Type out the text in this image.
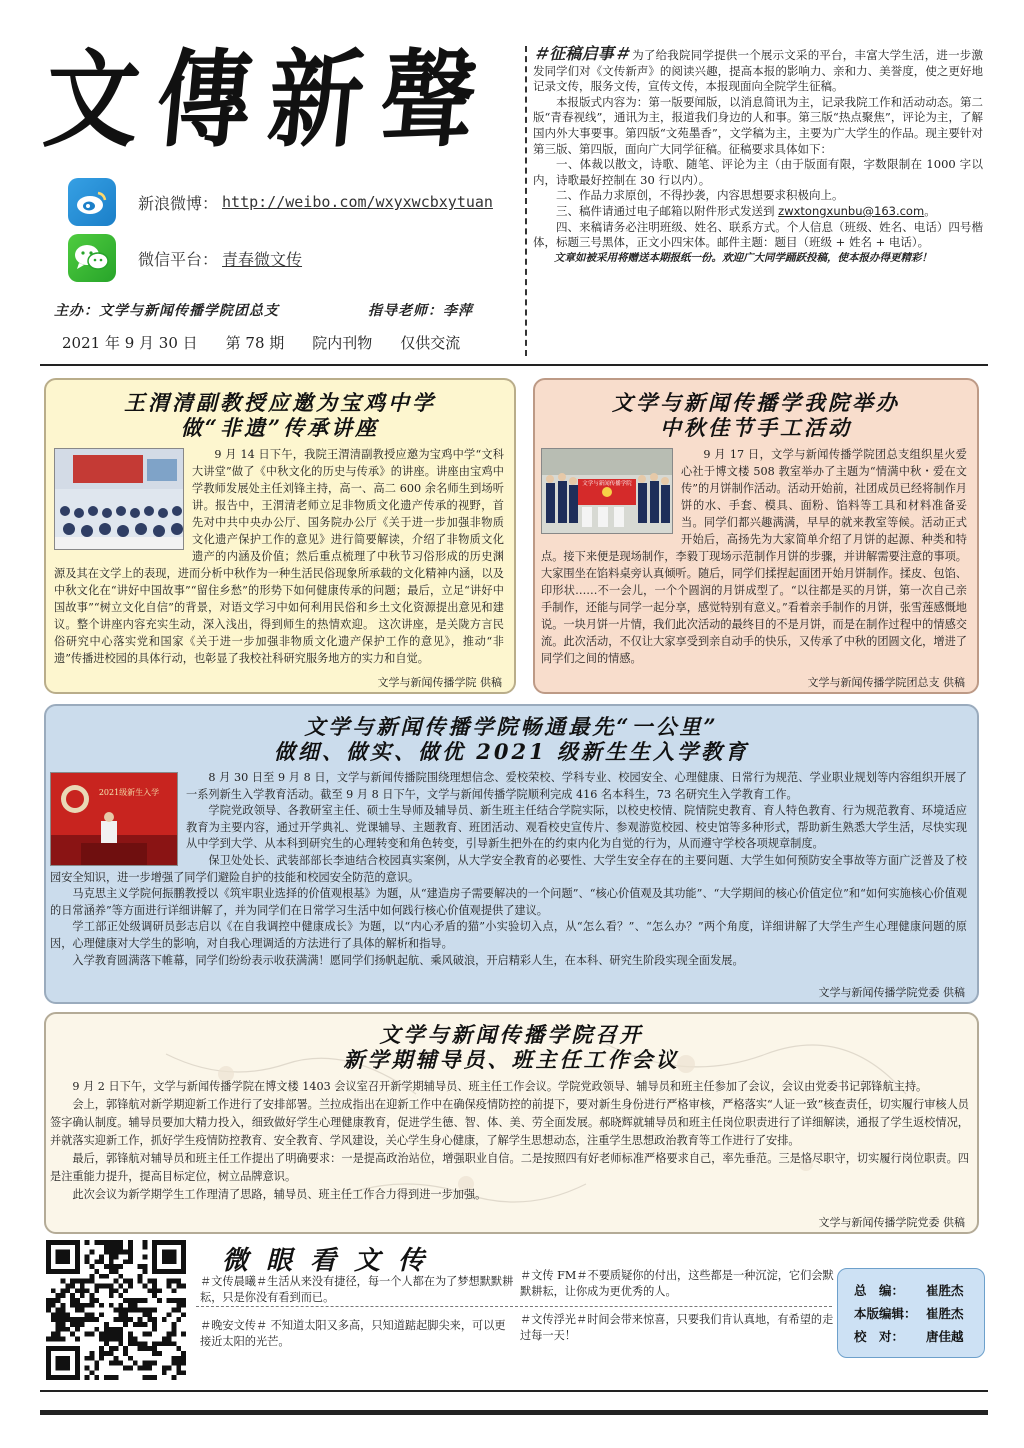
文傳新聲
新浪微博： http://weibo.com/wxyxwcbxytuan
微信平台： 青春微文传
主办：文学与新闻传播学院团总支	指导老师：李萍
2021 年 9 月 30 日 第 78 期 院内刊物 仅供交流

＃征稿启事＃ 为了给我院同学提供一个展示文采的平台，丰富大学生活，进一步激发同学们对《文传新声》的阅读兴趣，提高本报的影响力、亲和力、美誉度，使之更好地记录文传，服务文传，宣传文传，本报现面向全院学生征稿。

本报版式内容为：第一版要闻版，以消息简讯为主，记录我院工作和活动动态。第二版“青春视线”，通讯为主，报道我们身边的人和事。第三版“热点聚焦”，评论为主，了解国内外大事要事。第四版“文苑墨香”，文学稿为主，主要为广大学生的作品。现主要针对第三版、第四版，面向广大同学征稿。征稿要求具体如下：

一、体裁以散文，诗歌、随笔、评论为主（由于版面有限，字数限制在 1000 字以内，诗歌最好控制在 30 行以内）。

二、作品力求原创，不得抄袭，内容思想要求积极向上。

三、稿件请通过电子邮箱以附件形式发送到 zwxtongxunbu@163.com。

四、来稿请务必注明班级、姓名、联系方式。个人信息（班级、姓名、电话）四号楷体，标题三号黑体，正文小四宋体。邮件主题：题目（班级 + 姓名 + 电话）。

文章如被采用将赠送本期报纸一份。欢迎广大同学踊跃投稿，使本报办得更精彩！

王渭清副教授应邀为宝鸡中学
做“非遗”传承讲座

9 月 14 日下午，我院王渭清副教授应邀为宝鸡中学“文科大讲堂”做了《中秋文化的历史与传承》的讲座。讲座由宝鸡中学教师发展处主任刘锋主持，高一、高二 600 余名师生到场听讲。报告中，王渭清老师立足非物质文化遗产传承的视野，首先对中共中央办公厅、国务院办公厅《关于进一步加强非物质文化遗产保护工作的意见》进行简要解读，介绍了非物质文化遗产的内涵及价值；然后重点梳理了中秋节习俗形成的历史渊源及其在文学上的表现，进而分析中秋作为一种生活民俗现象所承载的文化精神内涵，以及中秋文化在“讲好中国故事”“留住乡愁”的形势下如何健康传承的问题；最后，立足“讲好中国故事”“树立文化自信”的背景，对语文学习中如何利用民俗和乡土文化资源提出意见和建议。整个讲座内容充实生动，深入浅出，得到师生的热情欢迎。 这次讲座，是关陇方言民俗研究中心落实党和国家《关于进一步加强非物质文化遗产保护工作的意见》，推动“非遗”传播进校园的具体行动，也彰显了我校社科研究服务地方的实力和自觉。

文学与新闻传播学院 供稿
文学与新闻传播学我院举办
中秋佳节手工活动
文学与新闻传播学院

9 月 17 日，文学与新闻传播学院团总支组织星火爱心社于博文楼 508 教室举办了主题为“情满中秋・爱在文传”的月饼制作活动。活动开始前，社团成员已经将制作月饼的水、手套、模具、面粉、馅料等工具和材料准备妥当。同学们都兴趣满满，早早的就来教室等候。活动正式开始后，高扬先为大家简单介绍了月饼的起源、种类和特点。接下来便是现场制作，李毅丁现场示范制作月饼的步骤，并讲解需要注意的事项。大家围坐在馅料桌旁认真倾听。随后，同学们揉捏起面团开始月饼制作。揉皮、包馅、印形状……不一会儿，一个个圆润的月饼成型了。“以往都是买的月饼，第一次自己亲手制作，还能与同学一起分享，感觉特别有意义。”看着亲手制作的月饼，张雪莲感慨地说。一块月饼一片情，我们此次活动的最终目的不是月饼，而是在制作过程中的情感交流。此次活动，不仅让大家享受到亲自动手的快乐，又传承了中秋的团圆文化，增进了同学们之间的情感。

文学与新闻传播学院团总支 供稿
文学与新闻传播学院畅通最先“一公里”
做细、做实、做优 2021 级新生生入学教育
2021级新生入学

8 月 30 日至 9 月 8 日，文学与新闻传播院围绕理想信念、爱校荣校、学科专业、校园安全、心理健康、日常行为规范、学业职业规划等内容组织开展了一系列新生入学教育活动。截至 9 月 8 日下午，文学与新闻传播学院顺利完成 416 名本科生，73 名研究生入学教育工作。

学院党政领导、各教研室主任、硕士生导师及辅导员、新生班主任结合学院实际，以校史校情、院情院史教育、育人特色教育、行为规范教育、环境适应教育为主要内容，通过开学典礼、党课辅导、主题教育、班团活动、观看校史宣传片、参观游览校园、校史馆等多种形式，帮助新生熟悉大学生活，尽快实现从中学到大学、从本科到研究生的心理转变和角色转变，引导新生把外在的约束内化为自觉的行为，从而遵守学校各项规章制度。

保卫处处长、武装部部长李迪结合校园真实案例，从大学安全教育的必要性、大学生安全存在的主要问题、大学生如何预防安全事故等方面广泛普及了校园安全知识，进一步增强了同学们避险自护的技能和校园安全防范的意识。

马克思主义学院何振鹏教授以《筑牢职业选择的价值观根基》为题，从“建造房子需要解决的一个问题”、“核心价值观及其功能”、“大学期间的核心价值定位”和“如何实施核心价值观的日常涵养”等方面进行详细讲解了，并为同学们在日常学习生活中如何践行核心价值观提供了建议。

学工部正处级调研员彭志启以《在自我调控中健康成长》为题，以“内心矛盾的猫”小实验切入点，从“怎么看？”、“怎么办？”两个角度，详细讲解了大学生产生心理健康问题的原因，心理健康对大学生的影响，对自我心理调适的方法进行了具体的解析和指导。

入学教育圆满落下帷幕，同学们纷纷表示收获满满！愿同学们扬帆起航、乘风破浪，开启精彩人生，在本科、研究生阶段实现全面发展。

文学与新闻传播学院党委 供稿
文学与新闻传播学院召开
新学期辅导员、班主任工作会议

9 月 2 日下午，文学与新闻传播学院在博文楼 1403 会议室召开新学期辅导员、班主任工作会议。学院党政领导、辅导员和班主任参加了会议，会议由党委书记郭锋航主持。

会上，郭锋航对新学期迎新工作进行了安排部署。兰拉成指出在迎新工作中在确保疫情防控的前提下，要对新生身份进行严格审核，严格落实“人证一致”核查责任，切实履行审核人员签字确认制度。辅导员要加大精力投入，细致做好学生心理健康教育，促进学生德、智、体、美、劳全面发展。郝晓辉就辅导员和班主任岗位职责进行了详细解读，通报了学生返校情况，并就落实迎新工作，抓好学生疫情防控教育、安全教育、学风建设，关心学生身心健康，了解学生思想动态，注重学生思想政治教育等工作进行了安排。

最后，郭锋航对辅导员和班主任工作提出了明确要求：一是提高政治站位，增强职业自信。二是按照四有好老师标准严格要求自己，率先垂范。三是恪尽职守，切实履行岗位职责。四是注重能力提升，提高目标定位，树立品牌意识。

此次会议为新学期学生工作理清了思路，辅导员、班主任工作合力得到进一步加强。

文学与新闻传播学院党委 供稿
微眼看文传
＃文传晨曦＃生活从来没有捷径，每一个人都在为了梦想默默耕耘，只是你没有看到而已。
＃文传 FM＃不要质疑你的付出，这些都是一种沉淀，它们会默默耕耘，让你成为更优秀的人。
＃晚安文传＃ 不知道太阳又多高，只知道踮起脚尖来，可以更接近太阳的光芒。
＃文传浮光＃时间会带来惊喜，只要我们肯认真地，有希望的走过每一天！
总　编：	崔胜杰
本版编辑： 崔胜杰
校　对：	唐佳越
